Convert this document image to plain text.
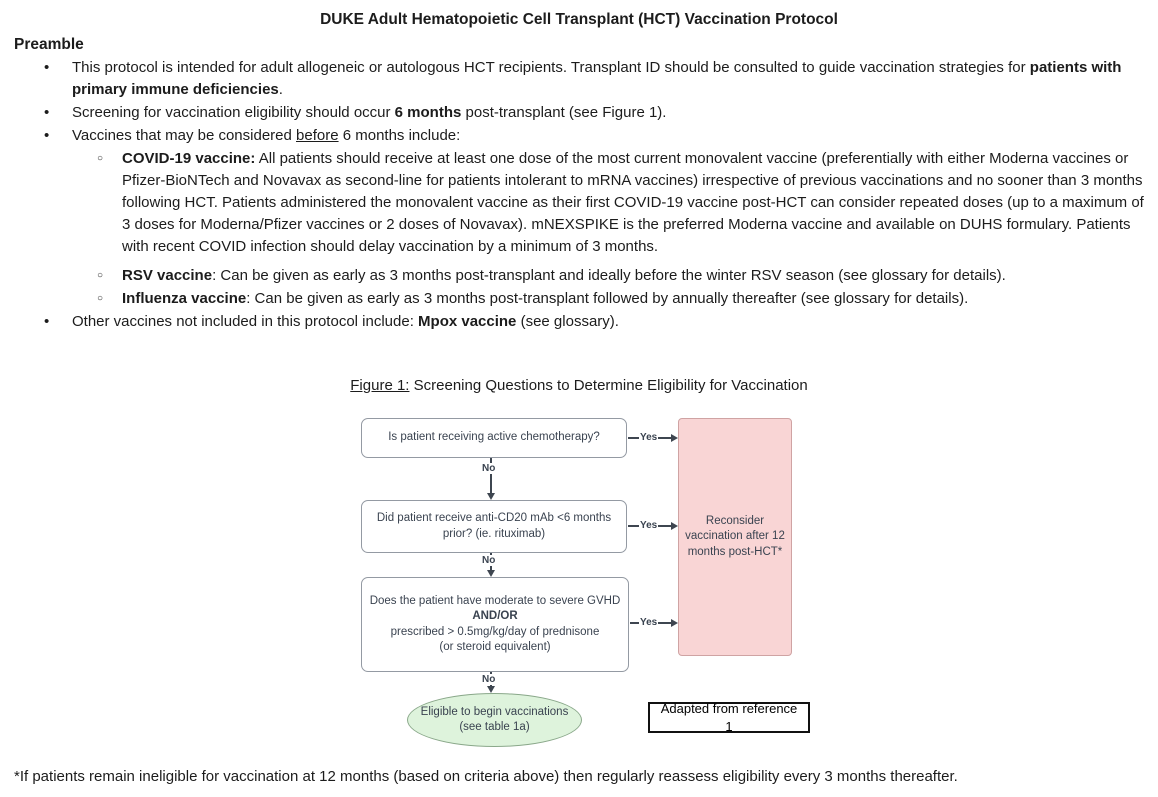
DUKE Adult Hematopoietic Cell Transplant (HCT) Vaccination Protocol
Preamble
• This protocol is intended for adult allogeneic or autologous HCT recipients. Transplant ID should be consulted to guide vaccination strategies for patients with primary immune deficiencies.
• Screening for vaccination eligibility should occur 6 months post-transplant (see Figure 1).
• Vaccines that may be considered before 6 months include:
○ COVID-19 vaccine: All patients should receive at least one dose of the most current monovalent vaccine (preferentially with either Moderna vaccines or Pfizer-BioNTech and Novavax as second-line for patients intolerant to mRNA vaccines) irrespective of previous vaccinations and no sooner than 3 months following HCT. Patients administered the monovalent vaccine as their first COVID-19 vaccine post-HCT can consider repeated doses (up to a maximum of 3 doses for Moderna/Pfizer vaccines or 2 doses of Novavax). mNEXSPIKE is the preferred Moderna vaccine and available on DUHS formulary. Patients with recent COVID infection should delay vaccination by a minimum of 3 months.
○ RSV vaccine: Can be given as early as 3 months post-transplant and ideally before the winter RSV season (see glossary for details).
○ Influenza vaccine: Can be given as early as 3 months post-transplant followed by annually thereafter (see glossary for details).
• Other vaccines not included in this protocol include: Mpox vaccine (see glossary).
Figure 1: Screening Questions to Determine Eligibility for Vaccination
Is patient receiving active chemotherapy?
Did patient receive anti-CD20 mAb <6 months
prior? (ie. rituximab)
Does the patient have moderate to severe GVHD
AND/OR
prescribed > 0.5mg/kg/day of prednisone
(or steroid equivalent)
Reconsider
vaccination after 12
months post-HCT*
Eligible to begin vaccinations
(see table 1a)
Adapted from reference 1
No
No
No
Yes
Yes
Yes
*If patients remain ineligible for vaccination at 12 months (based on criteria above) then regularly reassess eligibility every 3 months thereafter.
